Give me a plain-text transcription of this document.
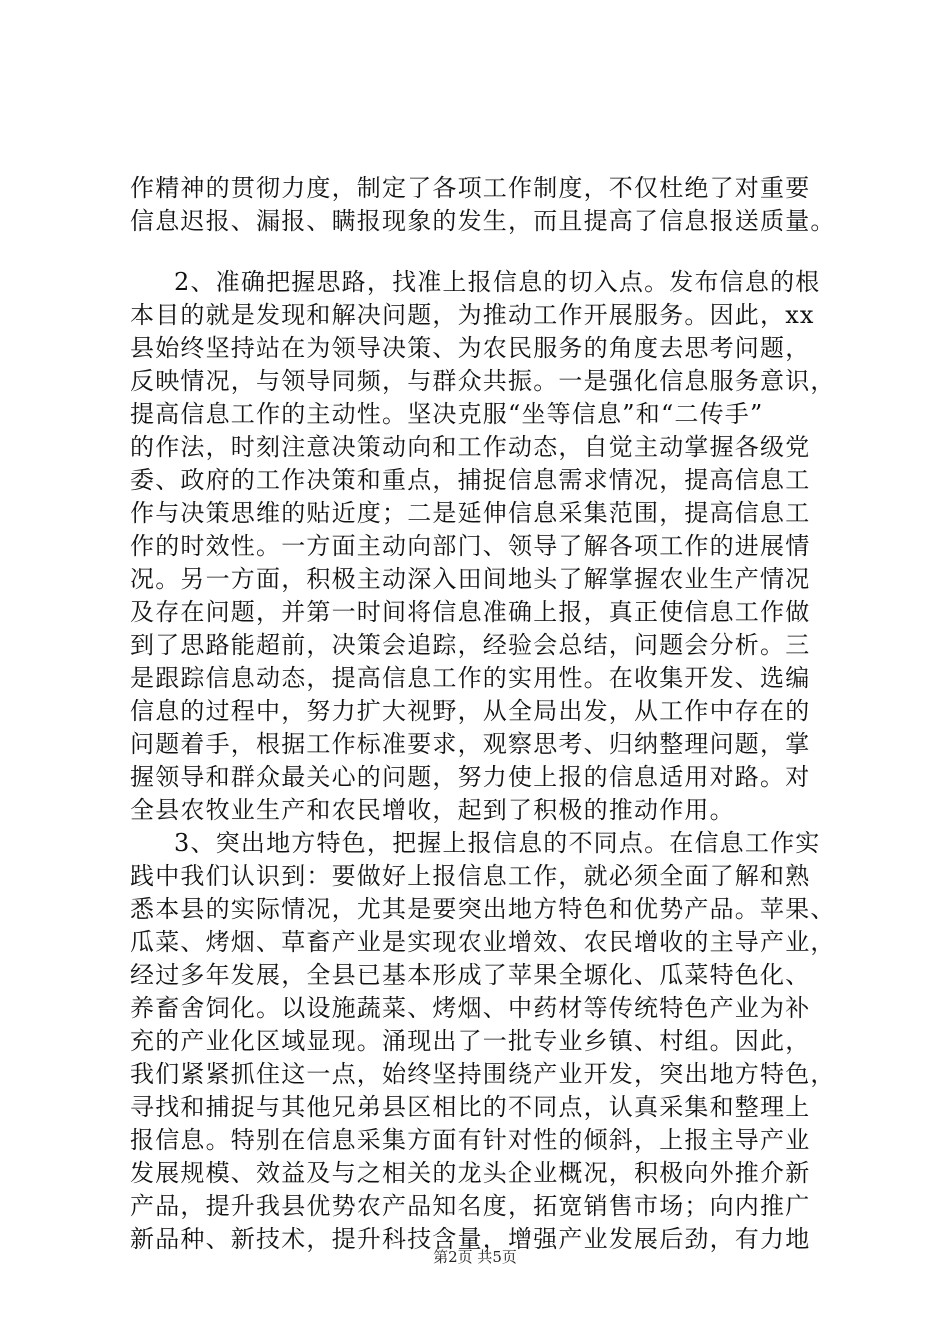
作精神的贯彻力度，制定了各项工作制度，不仅杜绝了对重要
信息迟报、漏报、瞒报现象的发生，而且提高了信息报送质量。
2、准确把握思路，找准上报信息的切入点。发布信息的根
本目的就是发现和解决问题，为推动工作开展服务。因此，xx
县始终坚持站在为领导决策、为农民服务的角度去思考问题，
反映情况，与领导同频，与群众共振。一是强化信息服务意识，
提高信息工作的主动性。坚决克服“坐等信息”和“二传手”
的作法，时刻注意决策动向和工作动态，自觉主动掌握各级党
委、政府的工作决策和重点，捕捉信息需求情况，提高信息工
作与决策思维的贴近度；二是延伸信息采集范围，提高信息工
作的时效性。一方面主动向部门、领导了解各项工作的进展情
况。另一方面，积极主动深入田间地头了解掌握农业生产情况
及存在问题，并第一时间将信息准确上报，真正使信息工作做
到了思路能超前，决策会追踪，经验会总结，问题会分析。三
是跟踪信息动态，提高信息工作的实用性。在收集开发、选编
信息的过程中，努力扩大视野，从全局出发，从工作中存在的
问题着手，根据工作标准要求，观察思考、归纳整理问题，掌
握领导和群众最关心的问题，努力使上报的信息适用对路。对
全县农牧业生产和农民增收，起到了积极的推动作用。
3、突出地方特色，把握上报信息的不同点。在信息工作实
践中我们认识到：要做好上报信息工作，就必须全面了解和熟
悉本县的实际情况，尤其是要突出地方特色和优势产品。苹果、
瓜菜、烤烟、草畜产业是实现农业增效、农民增收的主导产业，
经过多年发展，全县已基本形成了苹果全塬化、瓜菜特色化、
养畜舍饲化。以设施蔬菜、烤烟、中药材等传统特色产业为补
充的产业化区域显现。涌现出了一批专业乡镇、村组。因此，
我们紧紧抓住这一点，始终坚持围绕产业开发，突出地方特色，
寻找和捕捉与其他兄弟县区相比的不同点，认真采集和整理上
报信息。特别在信息采集方面有针对性的倾斜，上报主导产业
发展规模、效益及与之相关的龙头企业概况，积极向外推介新
产品，提升我县优势农产品知名度，拓宽销售市场；向内推广
新品种、新技术，提升科技含量，增强产业发展后劲，有力地
第2页 共5页
